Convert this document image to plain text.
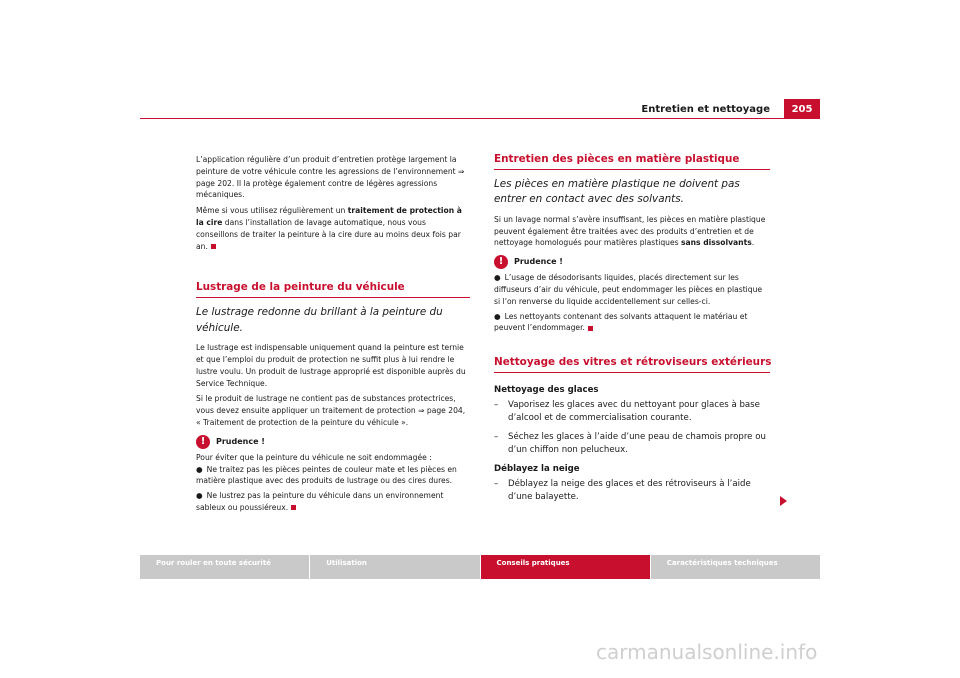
Entretien et nettoyage	205

L’application régulière d’un produit d’entretien protège largement la peinture de votre véhicule contre les agressions de l’environnement ⇒ page 202. Il la protège également contre de légères agressions mécaniques.

Même si vous utilisez régulièrement un traitement de protection à la cire dans l’installation de lavage automatique, nous vous conseillons de traiter la peinture à la cire dure au moins deux fois par an.

Lustrage de la peinture du véhicule
Le lustrage redonne du brillant à la peinture du véhicule.

Le lustrage est indispensable uniquement quand la peinture est ternie et que l’emploi du produit de protection ne suffit plus à lui rendre le lustre voulu. Un produit de lustrage approprié est disponible auprès du Service Technique.

Si le produit de lustrage ne contient pas de substances protectrices, vous devez ensuite appliquer un traitement de protection ⇒ page 204, « Traitement de protection de la peinture du véhicule ».

!	Prudence !

Pour éviter que la peinture du véhicule ne soit endommagée :

● Ne traitez pas les pièces peintes de couleur mate et les pièces en matière plastique avec des produits de lustrage ou des cires dures.
● Ne lustrez pas la peinture du véhicule dans un environnement sableux ou poussiéreux.
Entretien des pièces en matière plastique
Les pièces en matière plastique ne doivent pas entrer en contact avec des solvants.

Si un lavage normal s’avère insuffisant, les pièces en matière plastique peuvent également être traitées avec des produits d’entretien et de nettoyage homologués pour matières plastiques sans dissolvants.

!	Prudence !
● L’usage de désodorisants liquides, placés directement sur les diffuseurs d’air du véhicule, peut endommager les pièces en plastique si l’on renverse du liquide accidentellement sur celles-ci.
● Les nettoyants contenant des solvants attaquent le matériau et peuvent l’endommager.
Nettoyage des vitres et rétroviseurs extérieurs
Nettoyage des glaces
–	Vaporisez les glaces avec du nettoyant pour glaces à base d’alcool et de commercialisation courante.
–	Séchez les glaces à l’aide d’une peau de chamois propre ou d’un chiffon non pelucheux.
Déblayez la neige
–	Déblayez la neige des glaces et des rétroviseurs à l’aide d’une balayette.
Pour rouler en toute sécurité	Utilisation	Conseils pratiques	Caractéristiques techniques
carmanualsonline.info
